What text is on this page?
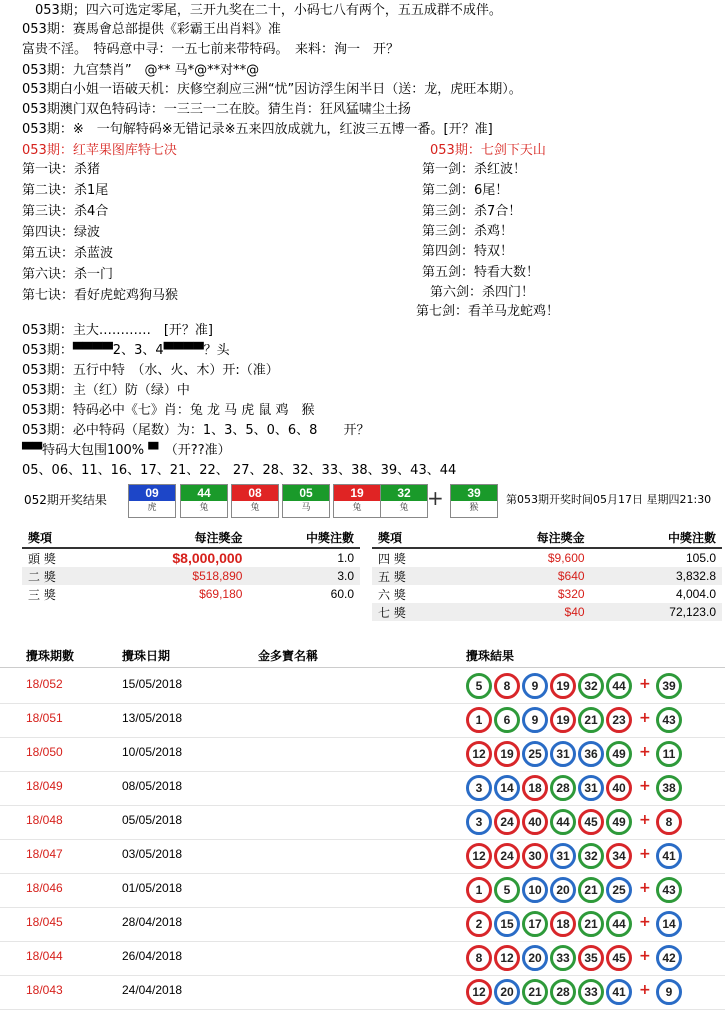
　053期；四六可选定零尾，三开九奖在二十，小码七八有两个，五五成群不成伴。
053期：赛馬會总部提供《彩霸王出肖料》准
富贵不淫。　特码意中寻：一五七前来带特码。　来料：洵一　开？
053期：九宫禁肖”　@** 马*@**对**@
053期白小姐一语破天机：庆修空刹应三洲“忧”因访浮生闲半日（送：龙，虎旺本期）。
053期澳门双色特码诗：一三三一二在胶。猜生肖：狂风猛啸尘土扬
053期：※　一句解特码※无错记录※五来四放成就九，红波三五博一番。[开？准]
053期：红苹果图库特七决	053期：七剑下天山
第一诀：杀猪
第二诀：杀1尾
第三诀：杀4合
第四诀：绿波
第五诀：杀蓝波
第六诀：杀一门
第七诀：看好虎蛇鸡狗马猴
第一剑：杀红波！
第二剑：6尾！
第三剑：杀7合！
第三剑：杀鸡！
第四剑：特双！
第五剑：特看大数！
第六剑：杀四门！
第七剑：看羊马龙蛇鸡！
053期：主大…………　[开？准]
053期：▀▀▀▀2、3、4▀▀▀▀？头
053期：五行中特　（水、火、木）开:（准）
053期：主（红）防（绿）中
053期：特码必中《七》肖：兔 龙 马 虎 鼠 鸡　猴
053期：必中特码（尾数）为：1、3、5、0、6、8　　开？
▀▀特码大包围100% ▀　（开??准）
05、06、11、16、17、21、22、 27、28、32、33、38、39、43、44
052期开奖结果	09
虎
44
兔
08
兔
05
马
19
兔
32
兔
39
猴
+	第053期开奖时间05月17日 星期四21:30
獎項	每注獎金	中獎注數
頭 獎	$8,000,000	1.0
二 獎	$518,890	3.0
三 獎	$69,180	60.0
獎項	每注獎金	中獎注數
四 獎	$9,600	105.0
五 獎	$640	3,832.8
六 獎	$320	4,004.0
七 獎	$40	72,123.0
攪珠期數	攪珠日期	金多寶名稱	攪珠結果
18/052	15/05/2018	5	8	9	19	32	44 + 39
18/051	13/05/2018	1	6	9	19	21	23 + 43
18/050	10/05/2018	12	19	25	31	36	49 + 11
18/049	08/05/2018	3	14	18	28	31	40 + 38
18/048	05/05/2018	3	24	40	44	45	49 +	8
18/047	03/05/2018	12	24	30	31	32	34 + 41
18/046	01/05/2018	1	5	10	20	21	25 + 43
18/045	28/04/2018	2	15	17	18	21	44 + 14
18/044	26/04/2018	8	12	20	33	35	45 + 42
18/043	24/04/2018	12	20	21	28	33	41 +	9
